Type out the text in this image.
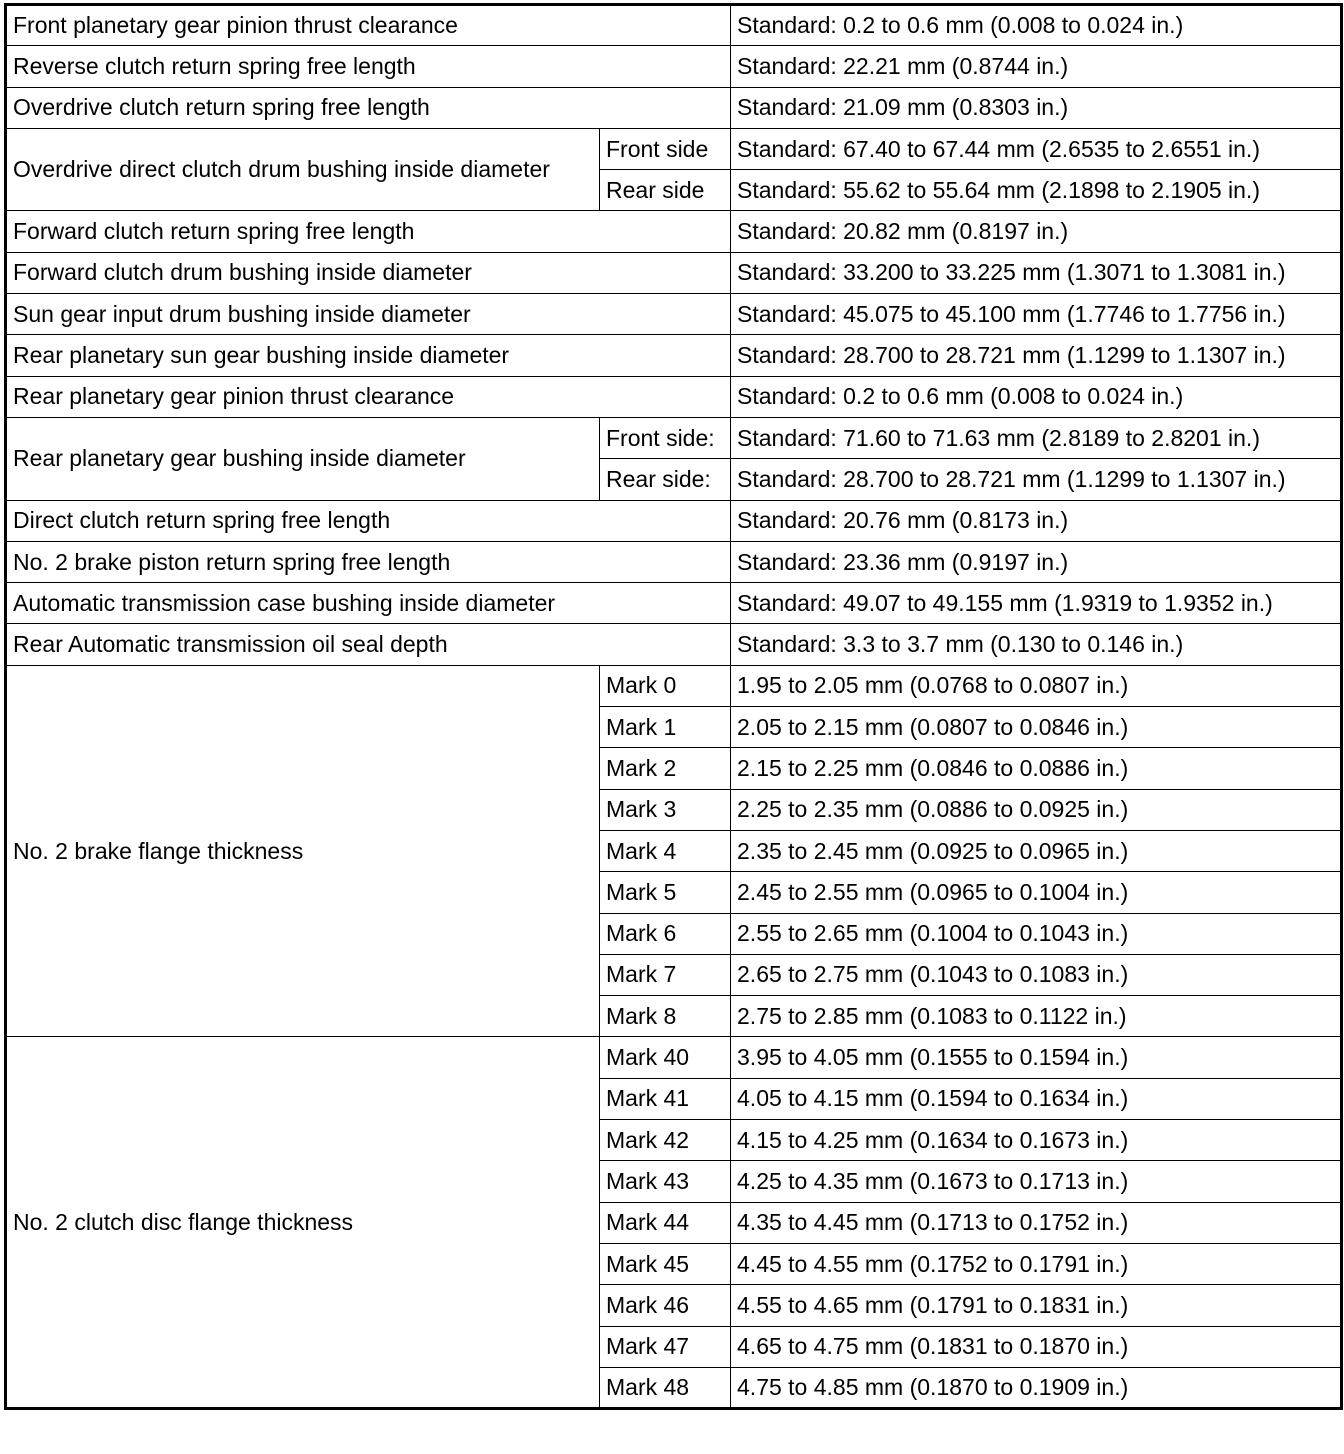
Front planetary gear pinion thrust clearance		Standard: 0.2 to 0.6 mm (0.008 to 0.024 in.)
Reverse clutch return spring free length		Standard: 22.21 mm (0.8744 in.)
Overdrive clutch return spring free length		Standard: 21.09 mm (0.8303 in.)
Overdrive direct clutch drum bushing inside diameter	Front side	Standard: 67.40 to 67.44 mm (2.6535 to 2.6551 in.)
	Rear side	Standard: 55.62 to 55.64 mm (2.1898 to 2.1905 in.)
Forward clutch return spring free length		Standard: 20.82 mm (0.8197 in.)
Forward clutch drum bushing inside diameter		Standard: 33.200 to 33.225 mm (1.3071 to 1.3081 in.)
Sun gear input drum bushing inside diameter		Standard: 45.075 to 45.100 mm (1.7746 to 1.7756 in.)
Rear planetary sun gear bushing inside diameter		Standard: 28.700 to 28.721 mm (1.1299 to 1.1307 in.)
Rear planetary gear pinion thrust clearance		Standard: 0.2 to 0.6 mm (0.008 to 0.024 in.)
Rear planetary gear bushing inside diameter	Front side:	Standard: 71.60 to 71.63 mm (2.8189 to 2.8201 in.)
	Rear side:	Standard: 28.700 to 28.721 mm (1.1299 to 1.1307 in.)
Direct clutch return spring free length		Standard: 20.76 mm (0.8173 in.)
No. 2 brake piston return spring free length		Standard: 23.36 mm (0.9197 in.)
Automatic transmission case bushing inside diameter		Standard: 49.07 to 49.155 mm (1.9319 to 1.9352 in.)
Rear Automatic transmission oil seal depth		Standard: 3.3 to 3.7 mm (0.130 to 0.146 in.)
No. 2 brake flange thickness	Mark 0	1.95 to 2.05 mm (0.0768 to 0.0807 in.)
	Mark 1	2.05 to 2.15 mm (0.0807 to 0.0846 in.)
	Mark 2	2.15 to 2.25 mm (0.0846 to 0.0886 in.)
	Mark 3	2.25 to 2.35 mm (0.0886 to 0.0925 in.)
	Mark 4	2.35 to 2.45 mm (0.0925 to 0.0965 in.)
	Mark 5	2.45 to 2.55 mm (0.0965 to 0.1004 in.)
	Mark 6	2.55 to 2.65 mm (0.1004 to 0.1043 in.)
	Mark 7	2.65 to 2.75 mm (0.1043 to 0.1083 in.)
	Mark 8	2.75 to 2.85 mm (0.1083 to 0.1122 in.)
No. 2 clutch disc flange thickness	Mark 40	3.95 to 4.05 mm (0.1555 to 0.1594 in.)
	Mark 41	4.05 to 4.15 mm (0.1594 to 0.1634 in.)
	Mark 42	4.15 to 4.25 mm (0.1634 to 0.1673 in.)
	Mark 43	4.25 to 4.35 mm (0.1673 to 0.1713 in.)
	Mark 44	4.35 to 4.45 mm (0.1713 to 0.1752 in.)
	Mark 45	4.45 to 4.55 mm (0.1752 to 0.1791 in.)
	Mark 46	4.55 to 4.65 mm (0.1791 to 0.1831 in.)
	Mark 47	4.65 to 4.75 mm (0.1831 to 0.1870 in.)
	Mark 48	4.75 to 4.85 mm (0.1870 to 0.1909 in.)
